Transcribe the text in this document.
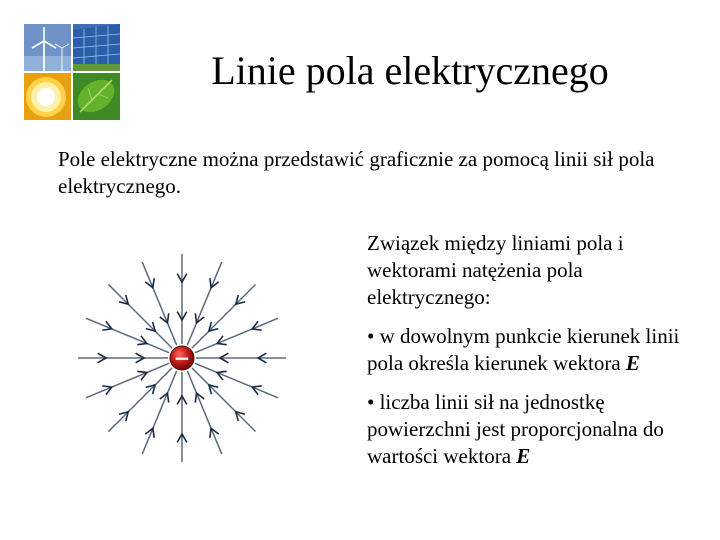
Linie pola elektrycznego
Pole elektryczne można przedstawić graficznie za pomocą linii sił pola elektrycznego.
−

Związek między liniami pola i wektorami natężenia pola elektrycznego:

• w dowolnym punkcie kierunek linii pola określa kierunek wektora E

• liczba linii sił na jednostkę powierzchni jest proporcjonalna do wartości wektora E
